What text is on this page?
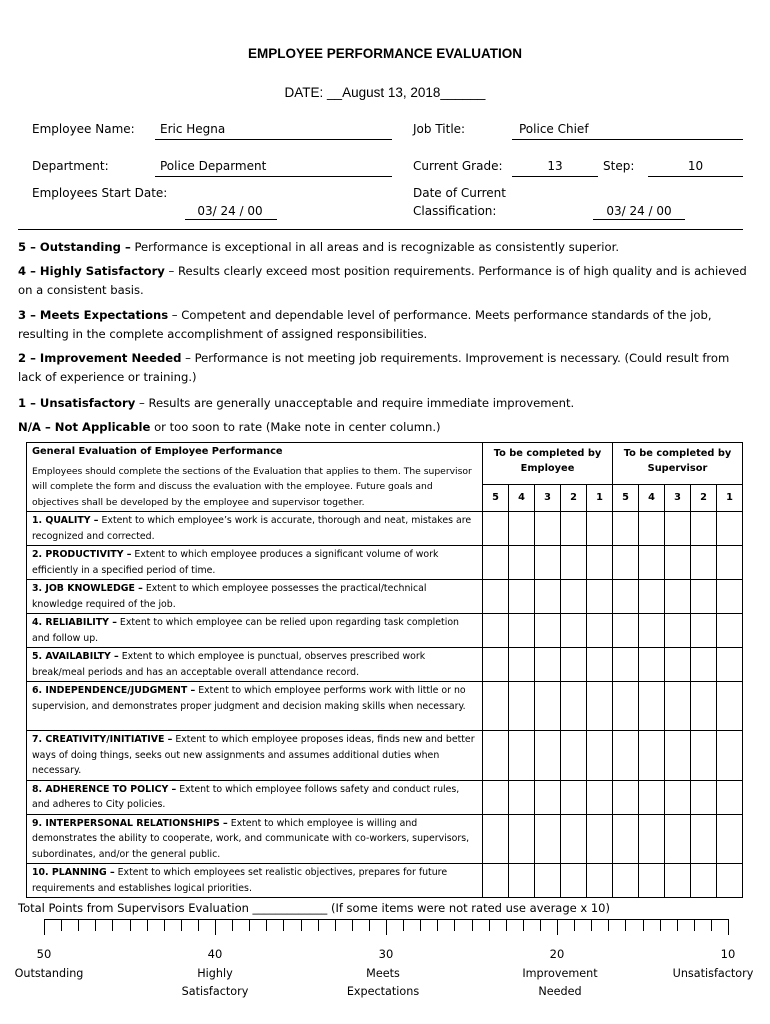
EMPLOYEE PERFORMANCE EVALUATION
DATE: __August 13, 2018______
Employee Name: Eric Hegna	Job Title:	Police Chief
Department:	Police Deparment	Current Grade:	13	Step:	10
Employees Start Date:
03/ 24 / 00
Date of Current
Classification:	03/ 24 / 00

5 – Outstanding – Performance is exceptional in all areas and is recognizable as consistently superior.

4 – Highly Satisfactory – Results clearly exceed most position requirements. Performance is of high quality and is achieved on a consistent basis.

3 – Meets Expectations – Competent and dependable level of performance. Meets performance standards of the job, resulting in the complete accomplishment of assigned responsibilities.

2 – Improvement Needed – Performance is not meeting job requirements. Improvement is necessary. (Could result from lack of experience or training.)

1 – Unsatisfactory – Results are generally unacceptable and require immediate improvement.

N/A – Not Applicable or too soon to rate (Make note in center column.)

General Evaluation of Employee Performance
Employees should complete the sections of the Evaluation that applies to them. The supervisor will complete the form and discuss the evaluation with the employee. Future goals and objectives shall be developed by the employee and supervisor together.	To be completed by Employee					To be completed by Supervisor				
	5	4	3	2	1	5	4	3	2	1
1. QUALITY – Extent to which employee’s work is accurate, thorough and neat, mistakes are recognized and corrected.										
2. PRODUCTIVITY – Extent to which employee produces a significant volume of work efficiently in a specified period of time.										
3. JOB KNOWLEDGE – Extent to which employee possesses the practical/technical knowledge required of the job.										
4. RELIABILITY – Extent to which employee can be relied upon regarding task completion and follow up.										
5. AVAILABILTY – Extent to which employee is punctual, observes prescribed work break/meal periods and has an acceptable overall attendance record.										
6. INDEPENDENCE/JUDGMENT – Extent to which employee performs work with little or no supervision, and demonstrates proper judgment and decision making skills when necessary.										
7. CREATIVITY/INITIATIVE – Extent to which employee proposes ideas, finds new and better ways of doing things, seeks out new assignments and assumes additional duties when necessary.										
8. ADHERENCE TO POLICY – Extent to which employee follows safety and conduct rules, and adheres to City policies.										
9. INTERPERSONAL RELATIONSHIPS – Extent to which employee is willing and demonstrates the ability to cooperate, work, and communicate with co-workers, supervisors, subordinates, and/or the general public.										
10. PLANNING – Extent to which employees set realistic objectives, prepares for future requirements and establishes logical priorities.										
Total Points from Supervisors Evaluation _____________ (If some items were not rated use average x 10)
50	40	30	20	10
Outstanding	Highly
Satisfactory
Meets
Expectations
Improvement
Needed
Unsatisfactory
